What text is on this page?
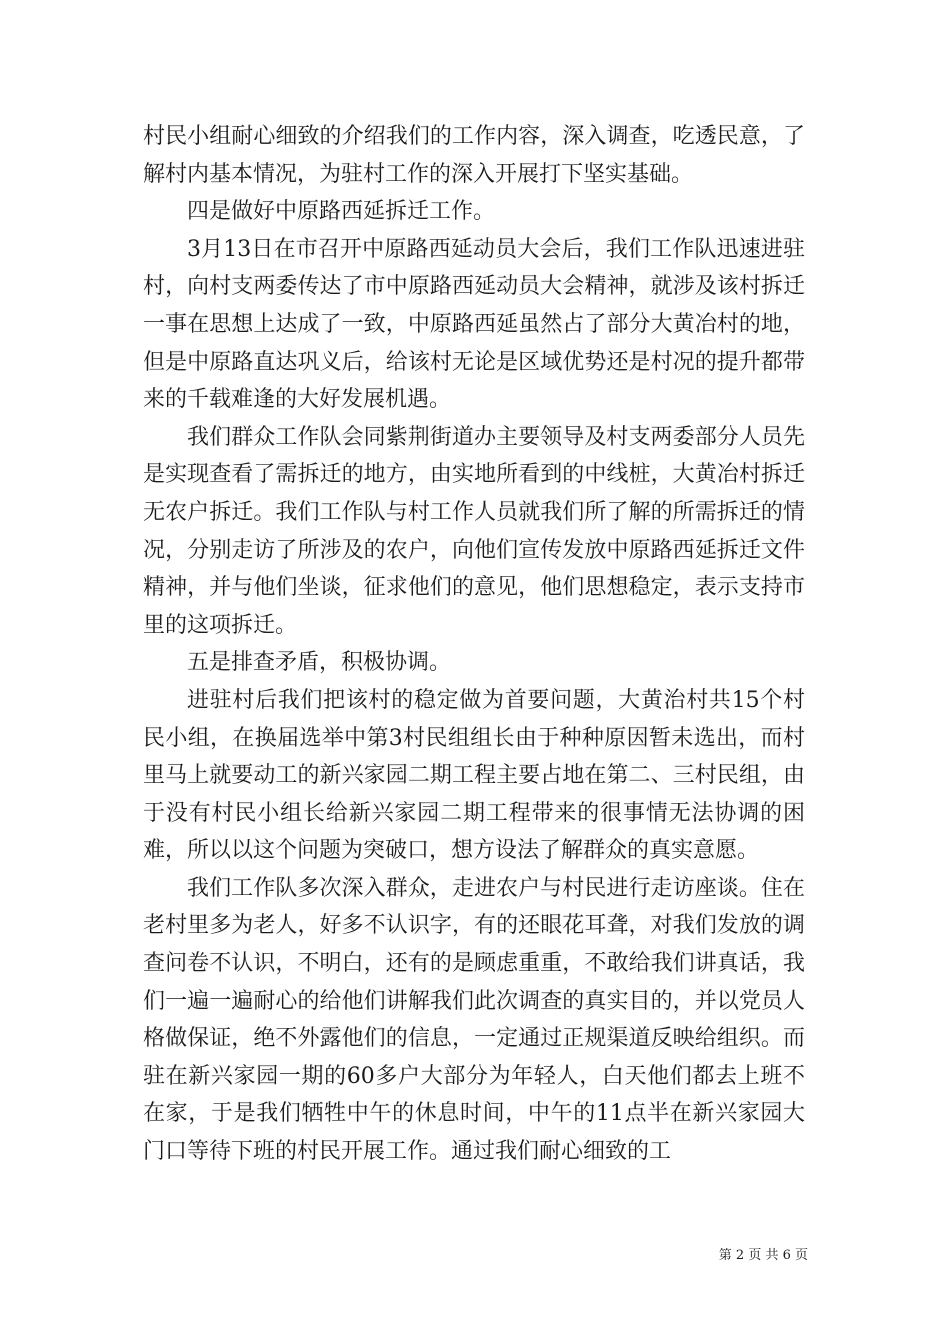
村民小组耐心细致的介绍我们的工作内容，深入调查，吃透民意，了解村内基本情况，为驻村工作的深入开展打下坚实基础。

四是做好中原路西延拆迁工作。

3月13日在市召开中原路西延动员大会后，我们工作队迅速进驻村，向村支两委传达了市中原路西延动员大会精神，就涉及该村拆迁一事在思想上达成了一致，中原路西延虽然占了部分大黄冶村的地，但是中原路直达巩义后，给该村无论是区域优势还是村况的提升都带来的千载难逢的大好发展机遇。

我们群众工作队会同紫荆街道办主要领导及村支两委部分人员先是实现查看了需拆迁的地方，由实地所看到的中线桩，大黄冶村拆迁无农户拆迁。我们工作队与村工作人员就我们所了解的所需拆迁的情况，分别走访了所涉及的农户，向他们宣传发放中原路西延拆迁文件精神，并与他们坐谈，征求他们的意见，他们思想稳定，表示支持市里的这项拆迁。

五是排查矛盾，积极协调。

进驻村后我们把该村的稳定做为首要问题，大黄治村共15个村民小组，在换届选举中第3村民组组长由于种种原因暂未选出，而村里马上就要动工的新兴家园二期工程主要占地在第二、三村民组，由于没有村民小组长给新兴家园二期工程带来的很事情无法协调的困难，所以以这个问题为突破口，想方设法了解群众的真实意愿。

我们工作队多次深入群众，走进农户与村民进行走访座谈。住在老村里多为老人，好多不认识字，有的还眼花耳聋，对我们发放的调查问卷不认识，不明白，还有的是顾虑重重，不敢给我们讲真话，我们一遍一遍耐心的给他们讲解我们此次调查的真实目的，并以党员人格做保证，绝不外露他们的信息，一定通过正规渠道反映给组织。而驻在新兴家园一期的60多户大部分为年轻人，白天他们都去上班不在家，于是我们牺牲中午的休息时间，中午的11点半在新兴家园大门口等待下班的村民开展工作。通过我们耐心细致的工

第 2 页 共 6 页
